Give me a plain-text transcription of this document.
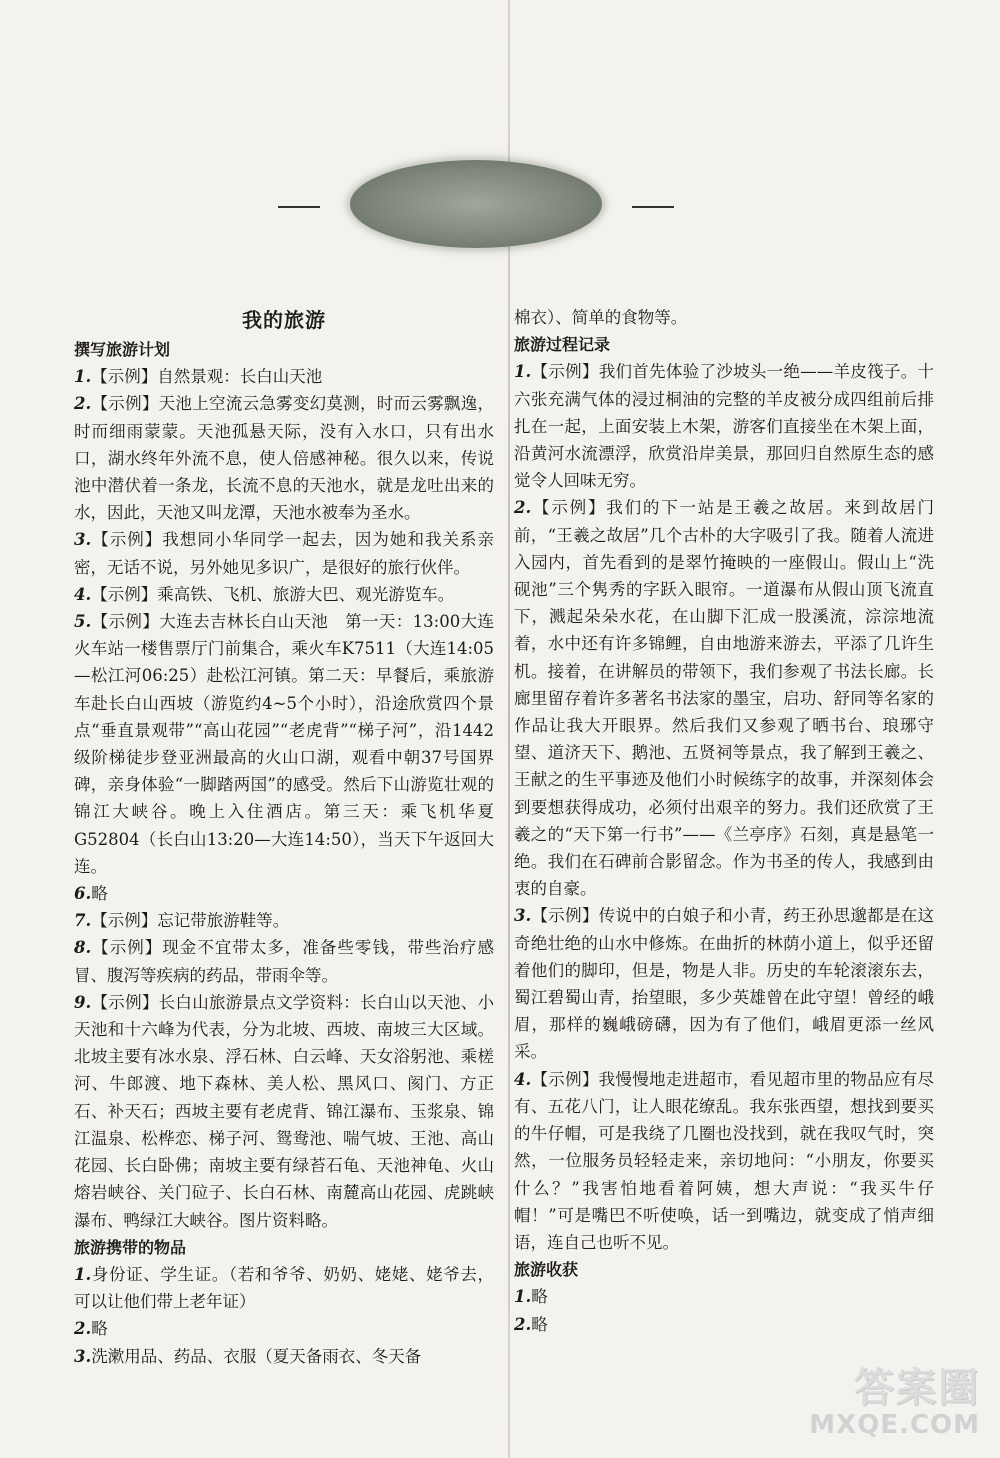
我的旅游
撰写旅游计划
1.【示例】自然景观：长白山天池
2.【示例】天池上空流云急雾变幻莫测，时而云雾飘逸，时而细雨蒙蒙。天池孤悬天际，没有入水口，只有出水口，湖水终年外流不息，使人倍感神秘。很久以来，传说池中潜伏着一条龙，长流不息的天池水，就是龙吐出来的水，因此，天池又叫龙潭，天池水被奉为圣水。
3.【示例】我想同小华同学一起去，因为她和我关系亲密，无话不说，另外她见多识广，是很好的旅行伙伴。
4.【示例】乘高铁、飞机、旅游大巴、观光游览车。
5.【示例】大连去吉林长白山天池　第一天：13:00大连火车站一楼售票厅门前集合，乘火车K7511（大连14:05—松江河06:25）赴松江河镇。第二天：早餐后，乘旅游车赴长白山西坡（游览约4~5个小时），沿途欣赏四个景点“垂直景观带”“高山花园”“老虎背”“梯子河”，沿1442级阶梯徒步登亚洲最高的火山口湖，观看中朝37号国界碑，亲身体验“一脚踏两国”的感受。然后下山游览壮观的锦江大峡谷。晚上入住酒店。第三天：乘飞机华夏G52804（长白山13:20—大连14:50），当天下午返回大连。
6.略
7.【示例】忘记带旅游鞋等。
8.【示例】现金不宜带太多，准备些零钱，带些治疗感冒、腹泻等疾病的药品，带雨伞等。
9.【示例】长白山旅游景点文学资料：长白山以天池、小天池和十六峰为代表，分为北坡、西坡、南坡三大区域。北坡主要有冰水泉、浮石林、白云峰、天女浴躬池、乘槎河、牛郎渡、地下森林、美人松、黑风口、阂门、方正石、补天石；西坡主要有老虎背、锦江瀑布、玉浆泉、锦江温泉、松桦恋、梯子河、鸳鸯池、喘气坡、王池、高山花园、长白卧佛；南坡主要有绿苔石龟、天池神龟、火山熔岩峡谷、关门砬子、长白石林、南麓高山花园、虎跳峡瀑布、鸭绿江大峡谷。图片资料略。
旅游携带的物品
1.身份证、学生证。（若和爷爷、奶奶、姥姥、姥爷去，可以让他们带上老年证）
2.略
3.洗漱用品、药品、衣服（夏天备雨衣、冬天备
棉衣）、简单的食物等。
旅游过程记录
1.【示例】我们首先体验了沙坡头一绝——羊皮筏子。十六张充满气体的浸过桐油的完整的羊皮被分成四组前后排扎在一起，上面安装上木架，游客们直接坐在木架上面，沿黄河水流漂浮，欣赏沿岸美景，那回归自然原生态的感觉令人回味无穷。
2.【示例】我们的下一站是王羲之故居。来到故居门前，“王羲之故居”几个古朴的大字吸引了我。随着人流进入园内，首先看到的是翠竹掩映的一座假山。假山上“洗砚池”三个隽秀的字跃入眼帘。一道瀑布从假山顶飞流直下，溅起朵朵水花，在山脚下汇成一股溪流，淙淙地流着，水中还有许多锦鲤，自由地游来游去，平添了几许生机。接着，在讲解员的带领下，我们参观了书法长廊。长廊里留存着许多著名书法家的墨宝，启功、舒同等名家的作品让我大开眼界。然后我们又参观了晒书台、琅琊守望、道济天下、鹅池、五贤祠等景点，我了解到王羲之、王献之的生平事迹及他们小时候练字的故事，并深刻体会到要想获得成功，必须付出艰辛的努力。我们还欣赏了王羲之的“天下第一行书”——《兰亭序》石刻，真是悬笔一绝。我们在石碑前合影留念。作为书圣的传人，我感到由衷的自豪。
3.【示例】传说中的白娘子和小青，药王孙思邈都是在这奇绝壮绝的山水中修炼。在曲折的林荫小道上，似乎还留着他们的脚印，但是，物是人非。历史的车轮滚滚东去，蜀江碧蜀山青，抬望眼，多少英雄曾在此守望！曾经的峨眉，那样的巍峨磅礴，因为有了他们，峨眉更添一丝风采。
4.【示例】我慢慢地走进超市，看见超市里的物品应有尽有、五花八门，让人眼花缭乱。我东张西望，想找到要买的牛仔帽，可是我绕了几圈也没找到，就在我叹气时，突然，一位服务员轻轻走来，亲切地问：“小朋友，你要买什么？”我害怕地看着阿姨，想大声说：“我买牛仔帽！”可是嘴巴不听使唤，话一到嘴边，就变成了悄声细语，连自己也听不见。
旅游收获
1.略
2.略
答案圈
MXQE.COM
